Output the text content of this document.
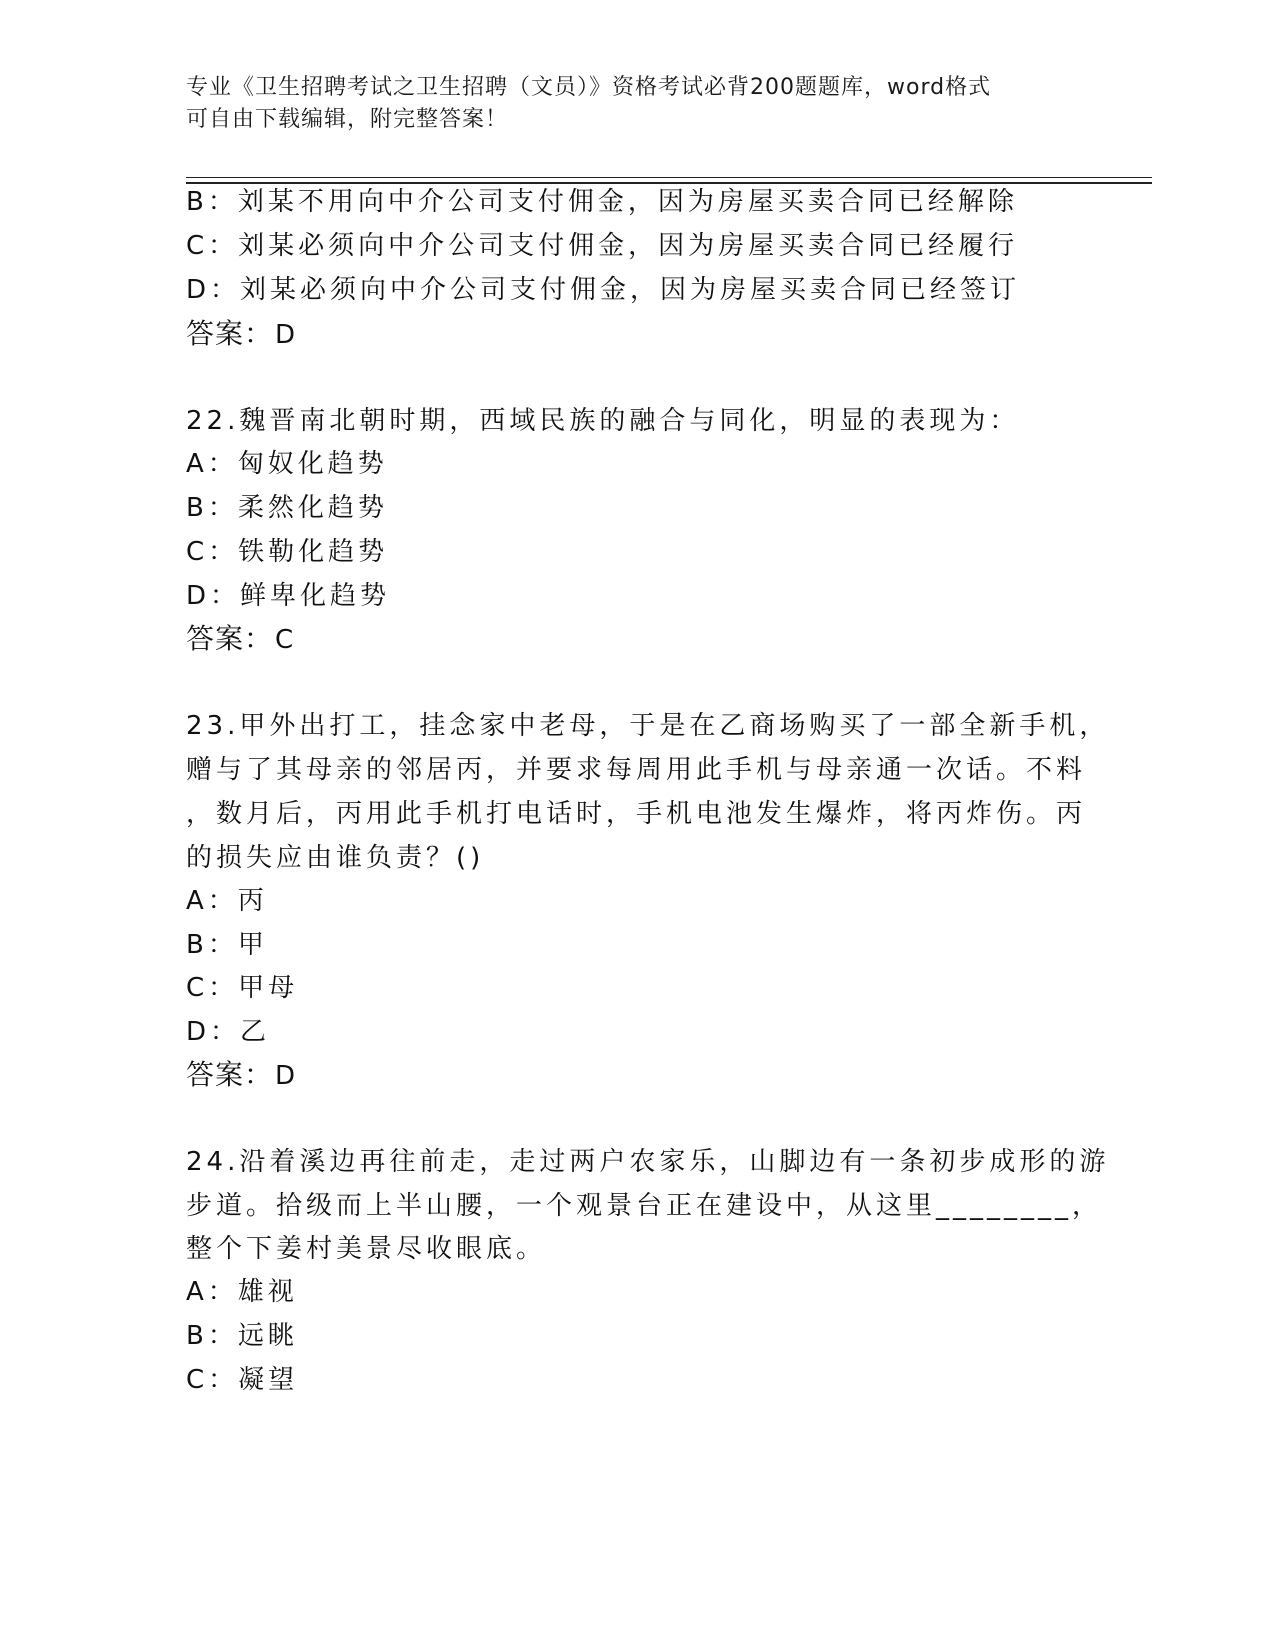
专业《卫生招聘考试之卫生招聘（文员）》资格考试必背200题题库，word格式
可自由下载编辑，附完整答案！
B：刘某不用向中介公司支付佣金，因为房屋买卖合同已经解除
C：刘某必须向中介公司支付佣金，因为房屋买卖合同已经履行
D：刘某必须向中介公司支付佣金，因为房屋买卖合同已经签订
答案：D
22.魏晋南北朝时期，西域民族的融合与同化，明显的表现为：
A：匈奴化趋势
B：柔然化趋势
C：铁勒化趋势
D：鲜卑化趋势
答案：C
23.甲外出打工，挂念家中老母，于是在乙商场购买了一部全新手机，
赠与了其母亲的邻居丙，并要求每周用此手机与母亲通一次话。不料
，数月后，丙用此手机打电话时，手机电池发生爆炸，将丙炸伤。丙
的损失应由谁负责？()
A：丙
B：甲
C：甲母
D：乙
答案：D
24.沿着溪边再往前走，走过两户农家乐，山脚边有一条初步成形的游
步道。拾级而上半山腰，一个观景台正在建设中，从这里________，
整个下姜村美景尽收眼底。
A：雄视
B：远眺
C：凝望
